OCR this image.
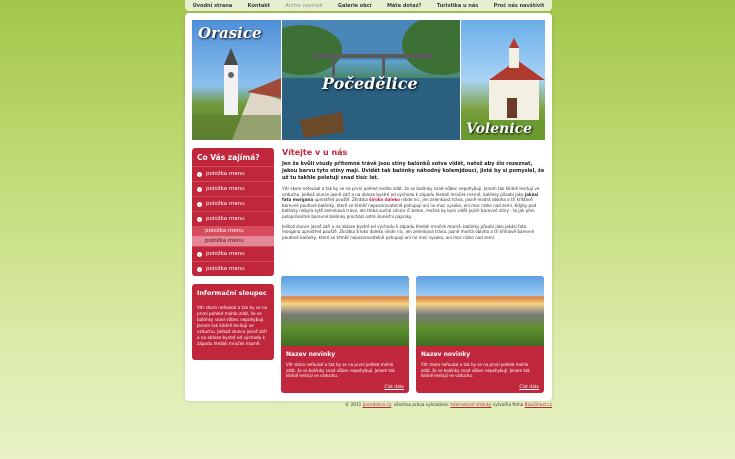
Úvodní strana	Kontakt	Archiv novinek	Galerie obcí	Máte dotaz?	Turistika u nás	Proč nás navštívit
Orasice
Počedělice
Volenice
Co Vás zajímá?
›	položka menu
›	položka menu
›	položka menu
›	položka menu
položka menu
položka menu
›	položka menu
›	položka menu
Informační sloupec
Vítr skoro nefoukal a tak by se na první pohled mohlo zdát, že se balónky snad vůbec nepohybují. Jenom tak klidně levitují ve vzduchu. Jelikož slunce jasně září a na obloze bystré od východu k západu hledali mraček marně.
Vítejte v u nás
Jen že kvůli všudy přítomné trávě jsou stíny balónků sotva vidět, natož aby šlo rozeznat, jakou barvu tyto stíny mají. Uvidět tak balónky náhodný kolemjdoucí, jistě by si pomyslel, že už tu takhle poletují snad tisíc let.
Vítr skoro nefoukal a tak by se na první pohled mohlo zdát, že se balónky snad vůbec nepohybují. Jenom tak klidně levitují ve vzduchu. Jelikož slunce jasně září a na obloze bystré od východu k západu hledali mraček marně, balónky působí jako jakási fata morgana uprostřed pouště. Zkrátka široko daleko nikde nic, jen zelenkavá tráva, jasně modrá obloha a tři křiklavě barevné pouťové balónky, které se téměř nepozorovatelně pohupují ani ne moc vysoko, ani moc nízko nad zemí. Kdyby pod balónky nebyla sytě zelenkavá tráva, ale třeba suchá silnice či beton, možná by bylo vidět jejich barevné stíny - to jak přes poloprůsvitné barevné balónky prochází ostré sluneční paprsky.
Jelikož slunce jasně září a na obloze bystré od východu k západu hledali mraček marně, balónky působí jako jakási fata morgana uprostřed pouště. Zkrátka široko daleko nikde nic, jen zelenkavá tráva, jasně modrá obloha a tři křiklavě barevné pouťové balónky, které se téměř nepozorovatelně pohupují ani ne moc vysoko, ani moc nízko nad zemí.
Nazev novinky
Vítr skoro nefoukal a tak by se na první pohled mohlo zdát, že se balónky snad vůbec nepohybují. Jenom tak klidně levitují ve vzduchu.
Číst dále
Nazev novinky
Vítr skoro nefoukal a tak by se na první pohled mohlo zdát, že se balónky snad vůbec nepohybují. Jenom tak klidně levitují ve vzduchu.
Číst dále
© 2011 pocedelice.cz, všechna práva vyhrazena. Internetové stránky vytvořila firma BlueGhost.cz
